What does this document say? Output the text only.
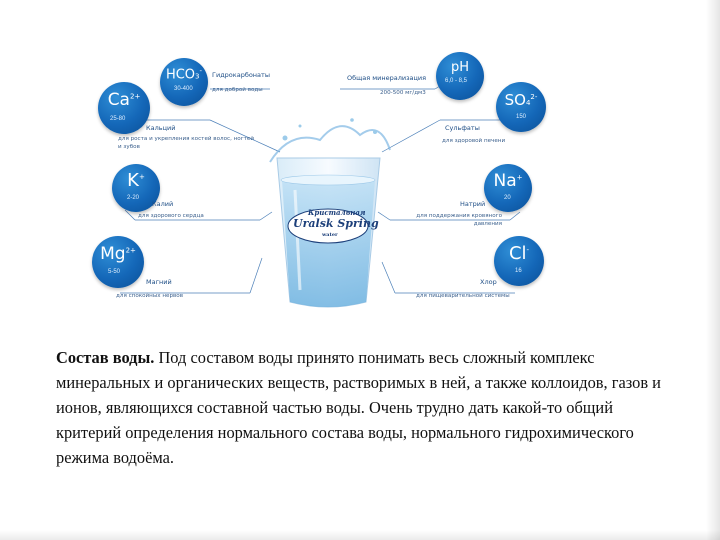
HCO3-
30-400
Гидрокарбонаты
для доброй воды
pH
6,0 - 8,5
Общая минерализация
200-500 мг/дм3
$Ca^{2+}$
25-80
Кальций
для роста и укрепления костей волос, ногтей и зубов
$SO4^{2-}$
150
Сульфаты
для здоровой печени
K+
2-20
Калий
для здорового сердца
Na+
20
Натрий
для поддержания кровяного давления
$Mg^{2+}$
5-50
Магний
для спокойных нервов
Cl-
16
Хлор
для пищеварительной системы
Кристальная
Uralsk Spring
water
Состав воды. Под составом воды принято понимать весь сложный комплекс минеральных и органических веществ, растворимых в ней, а также коллоидов, газов и ионов, являющихся составной частью воды. Очень трудно дать какой-то общий критерий определения нормального состава воды, нормального гидрохимического режима водоёма.
